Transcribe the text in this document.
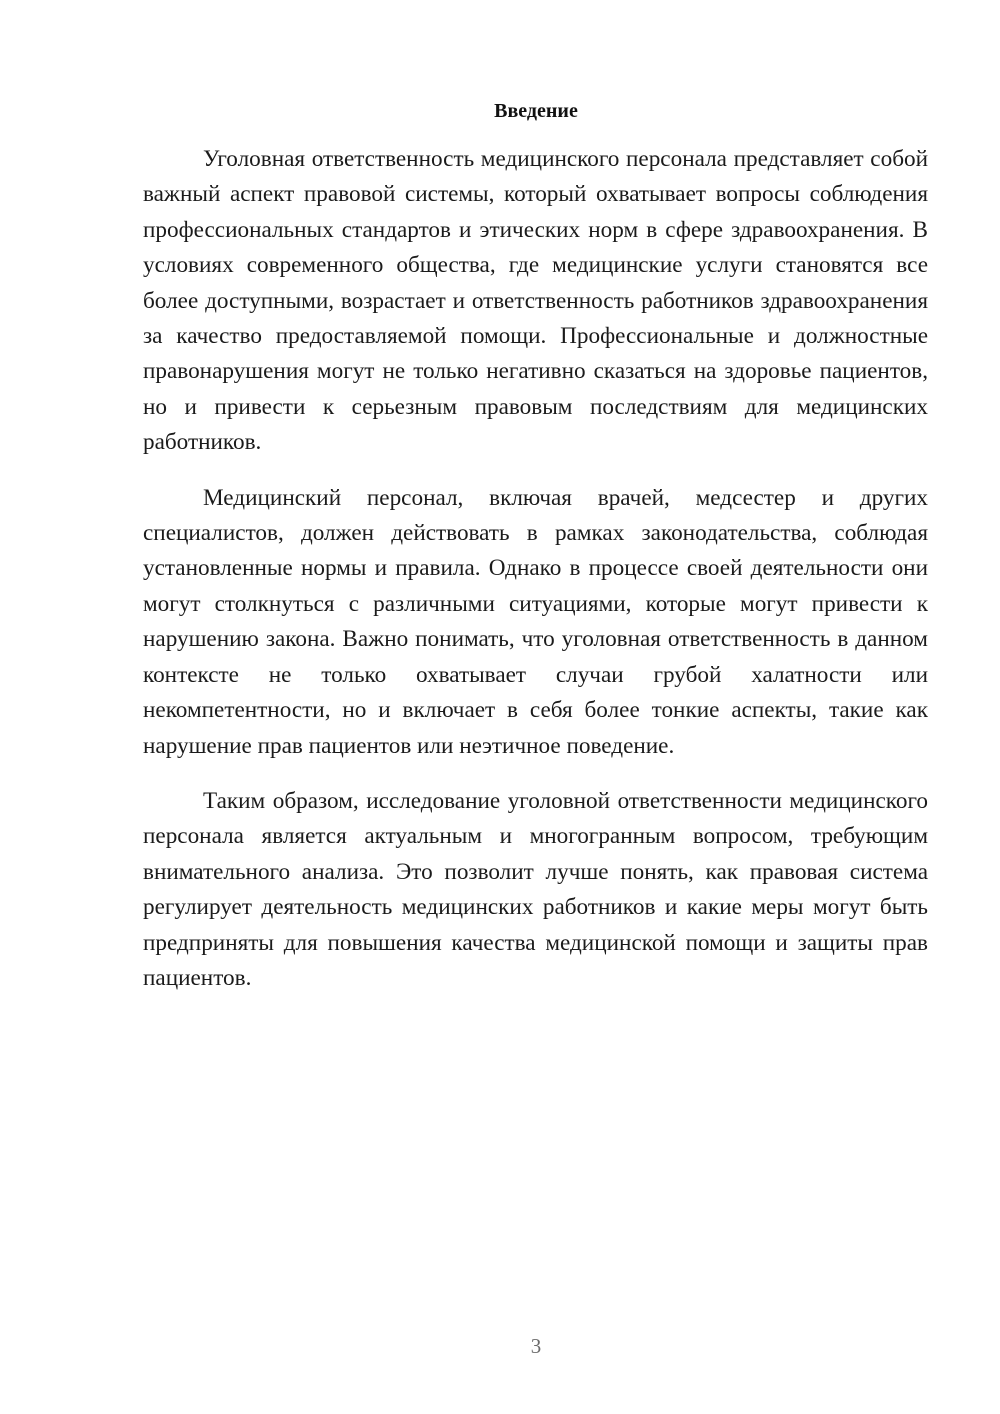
Введение

Уголовная ответственность медицинского персонала представляет собой важный аспект правовой системы, который охватывает вопросы соблюдения профессиональных стандартов и этических норм в сфере здравоохранения. В условиях современного общества, где медицинские услуги становятся все более доступными, возрастает и ответственность работников здравоохранения за качество предоставляемой помощи. Профессиональные и должностные правонарушения могут не только негативно сказаться на здоровье пациентов, но и привести к серьезным правовым последствиям для медицинских работников.

Медицинский персонал, включая врачей, медсестер и других специалистов, должен действовать в рамках законодательства, соблюдая установленные нормы и правила. Однако в процессе своей деятельности они могут столкнуться с различными ситуациями, которые могут привести к нарушению закона. Важно понимать, что уголовная ответственность в данном контексте не только охватывает случаи грубой халатности или некомпетентности, но и включает в себя более тонкие аспекты, такие как нарушение прав пациентов или неэтичное поведение.

Таким образом, исследование уголовной ответственности медицинского персонала является актуальным и многогранным вопросом, требующим внимательного анализа. Это позволит лучше понять, как правовая система регулирует деятельность медицинских работников и какие меры могут быть предприняты для повышения качества медицинской помощи и защиты прав пациентов.

3
